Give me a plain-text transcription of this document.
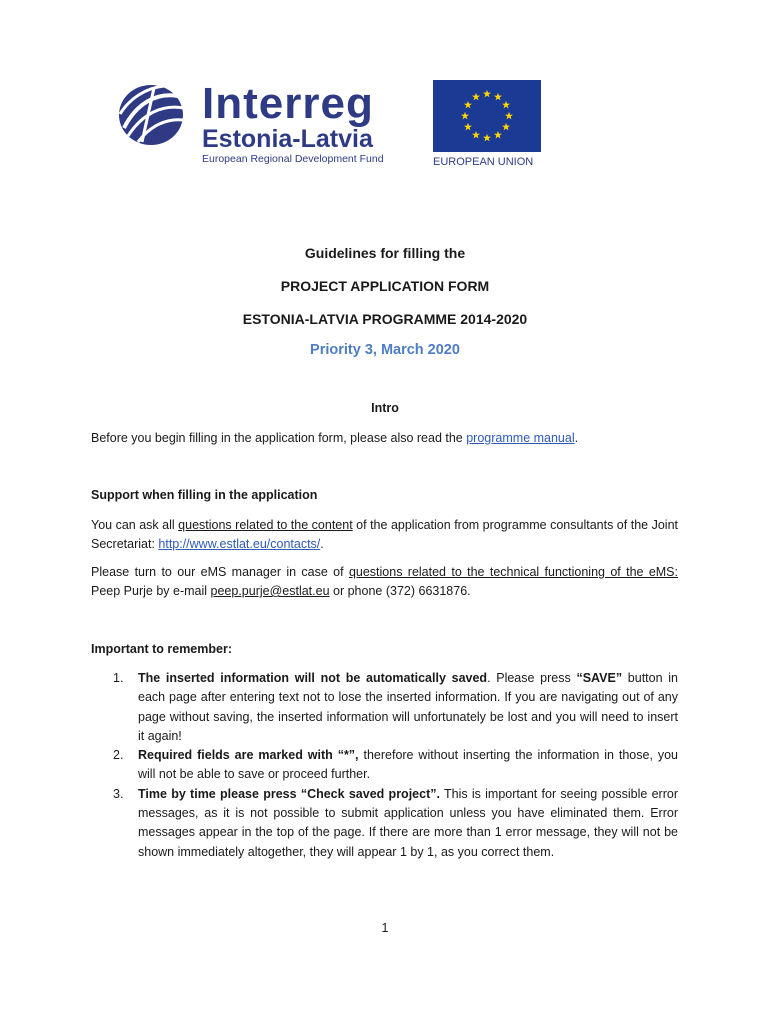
Interreg
Estonia-Latvia
European Regional Development Fund	EUROPEAN UNION
Guidelines for filling the
PROJECT APPLICATION FORM
ESTONIA-LATVIA PROGRAMME 2014-2020
Priority 3, March 2020
Intro
Before you begin filling in the application form, please also read the programme manual.
Support when filling in the application
You can ask all questions related to the content of the application from programme consultants of the Joint Secretariat: http://www.estlat.eu/contacts/.
Please turn to our eMS manager in case of questions related to the technical functioning of the eMS: Peep Purje by e-mail peep.purje@estlat.eu or phone (372) 6631876.
Important to remember:
1. The inserted information will not be automatically saved. Please press “SAVE” button in each page after entering text not to lose the inserted information. If you are navigating out of any page without saving, the inserted information will unfortunately be lost and you will need to insert it again!
2. Required fields are marked with “*”, therefore without inserting the information in those, you will not be able to save or proceed further.
3. Time by time please press “Check saved project”. This is important for seeing possible error messages, as it is not possible to submit application unless you have eliminated them. Error messages appear in the top of the page. If there are more than 1 error message, they will not be shown immediately altogether, they will appear 1 by 1, as you correct them.
1
